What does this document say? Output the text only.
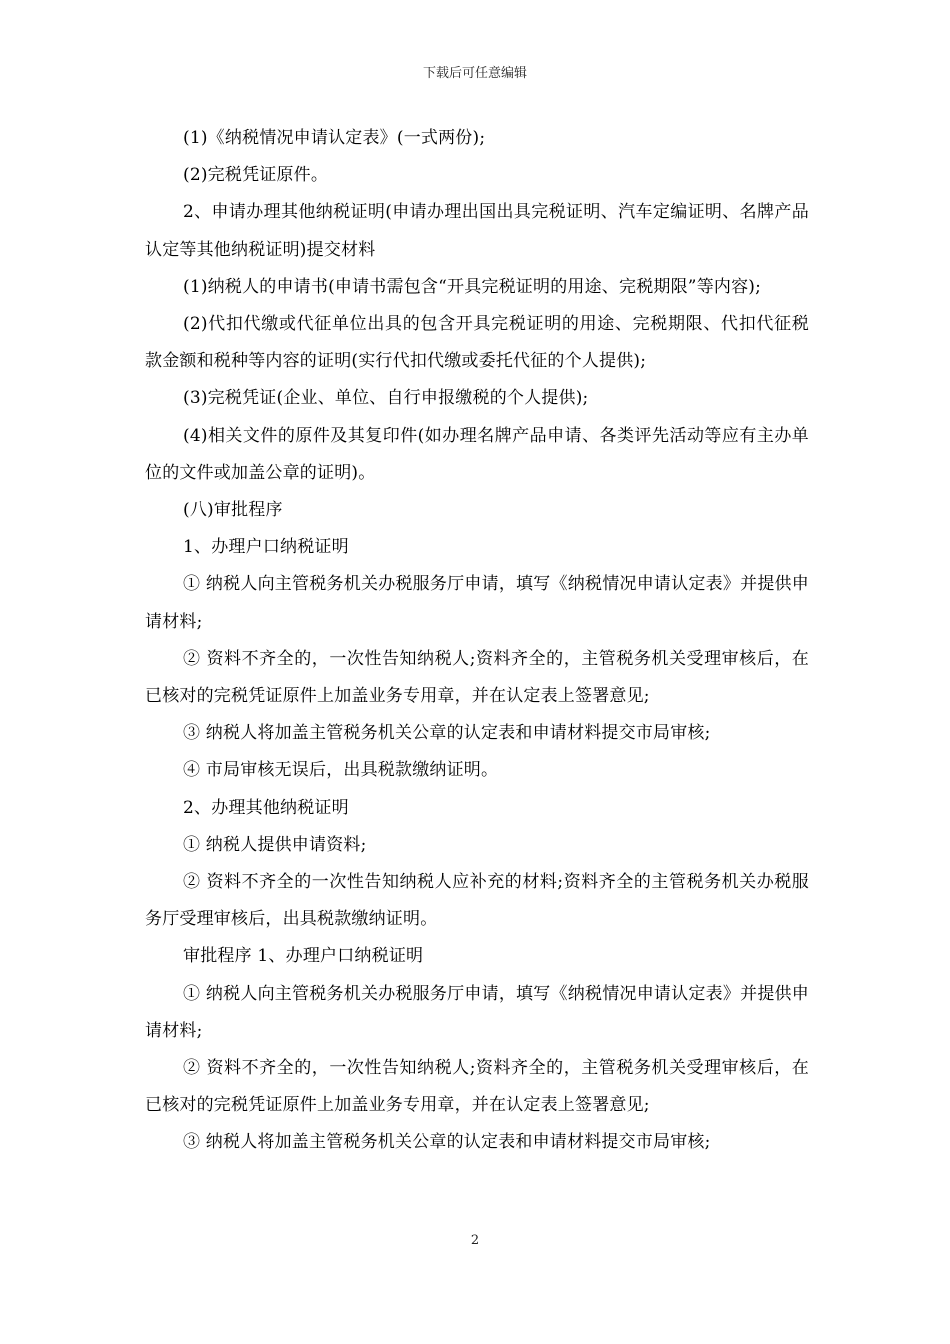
下载后可任意编辑

(1)《纳税情况申请认定表》(一式两份);

(2)完税凭证原件。

2、申请办理其他纳税证明(申请办理出国出具完税证明、汽车定编证明、名牌产品认定等其他纳税证明)提交材料

(1)纳税人的申请书(申请书需包含“开具完税证明的用途、完税期限”等内容);

(2)代扣代缴或代征单位出具的包含开具完税证明的用途、完税期限、代扣代征税款金额和税种等内容的证明(实行代扣代缴或委托代征的个人提供);

(3)完税凭证(企业、单位、自行申报缴税的个人提供);

(4)相关文件的原件及其复印件(如办理名牌产品申请、各类评先活动等应有主办单位的文件或加盖公章的证明)。

(八)审批程序

1、办理户口纳税证明

① 纳税人向主管税务机关办税服务厅申请，填写《纳税情况申请认定表》并提供申请材料;

② 资料不齐全的，一次性告知纳税人;资料齐全的，主管税务机关受理审核后，在已核对的完税凭证原件上加盖业务专用章，并在认定表上签署意见;

③ 纳税人将加盖主管税务机关公章的认定表和申请材料提交市局审核;

④ 市局审核无误后，出具税款缴纳证明。

2、办理其他纳税证明

① 纳税人提供申请资料;

② 资料不齐全的一次性告知纳税人应补充的材料;资料齐全的主管税务机关办税服务厅受理审核后，出具税款缴纳证明。

审批程序 1、办理户口纳税证明

① 纳税人向主管税务机关办税服务厅申请，填写《纳税情况申请认定表》并提供申请材料;

② 资料不齐全的，一次性告知纳税人;资料齐全的，主管税务机关受理审核后，在已核对的完税凭证原件上加盖业务专用章，并在认定表上签署意见;

③ 纳税人将加盖主管税务机关公章的认定表和申请材料提交市局审核;

2
